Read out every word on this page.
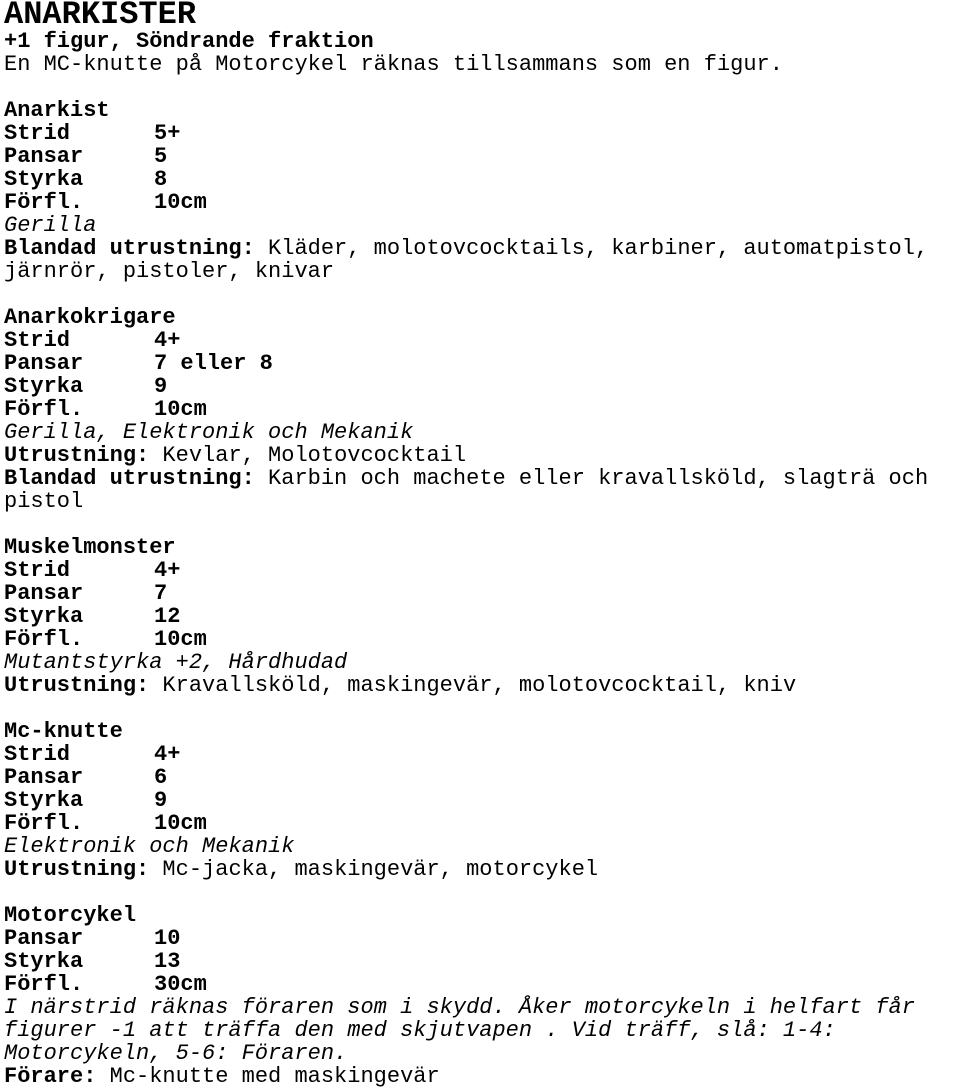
ANARKISTER
+1 figur, Söndrande fraktion
En MC-knutte på Motorcykel räknas tillsammans som en figur.
Anarkist
Strid	5+
Pansar	5
Styrka	8
Förfl.	10cm
Gerilla
Blandad utrustning: Kläder, molotovcocktails, karbiner, automatpistol, järnrör, pistoler, knivar
Anarkokrigare
Strid	4+
Pansar	7 eller 8
Styrka	9
Förfl.	10cm
Gerilla, Elektronik och Mekanik
Utrustning: Kevlar, Molotovcocktail
Blandad utrustning: Karbin och machete eller kravallsköld, slagträ och pistol
Muskelmonster
Strid	4+
Pansar	7
Styrka	12
Förfl.	10cm
Mutantstyrka +2, Hårdhudad
Utrustning: Kravallsköld, maskingevär, molotovcocktail, kniv
Mc-knutte
Strid	4+
Pansar	6
Styrka	9
Förfl.	10cm
Elektronik och Mekanik
Utrustning: Mc-jacka, maskingevär, motorcykel
Motorcykel
Pansar	10
Styrka	13
Förfl.	30cm
I närstrid räknas föraren som i skydd. Åker motorcykeln i helfart får figurer -1 att träffa den med skjutvapen . Vid träff, slå: 1-4: Motorcykeln, 5-6: Föraren.
Förare: Mc-knutte med maskingevär
